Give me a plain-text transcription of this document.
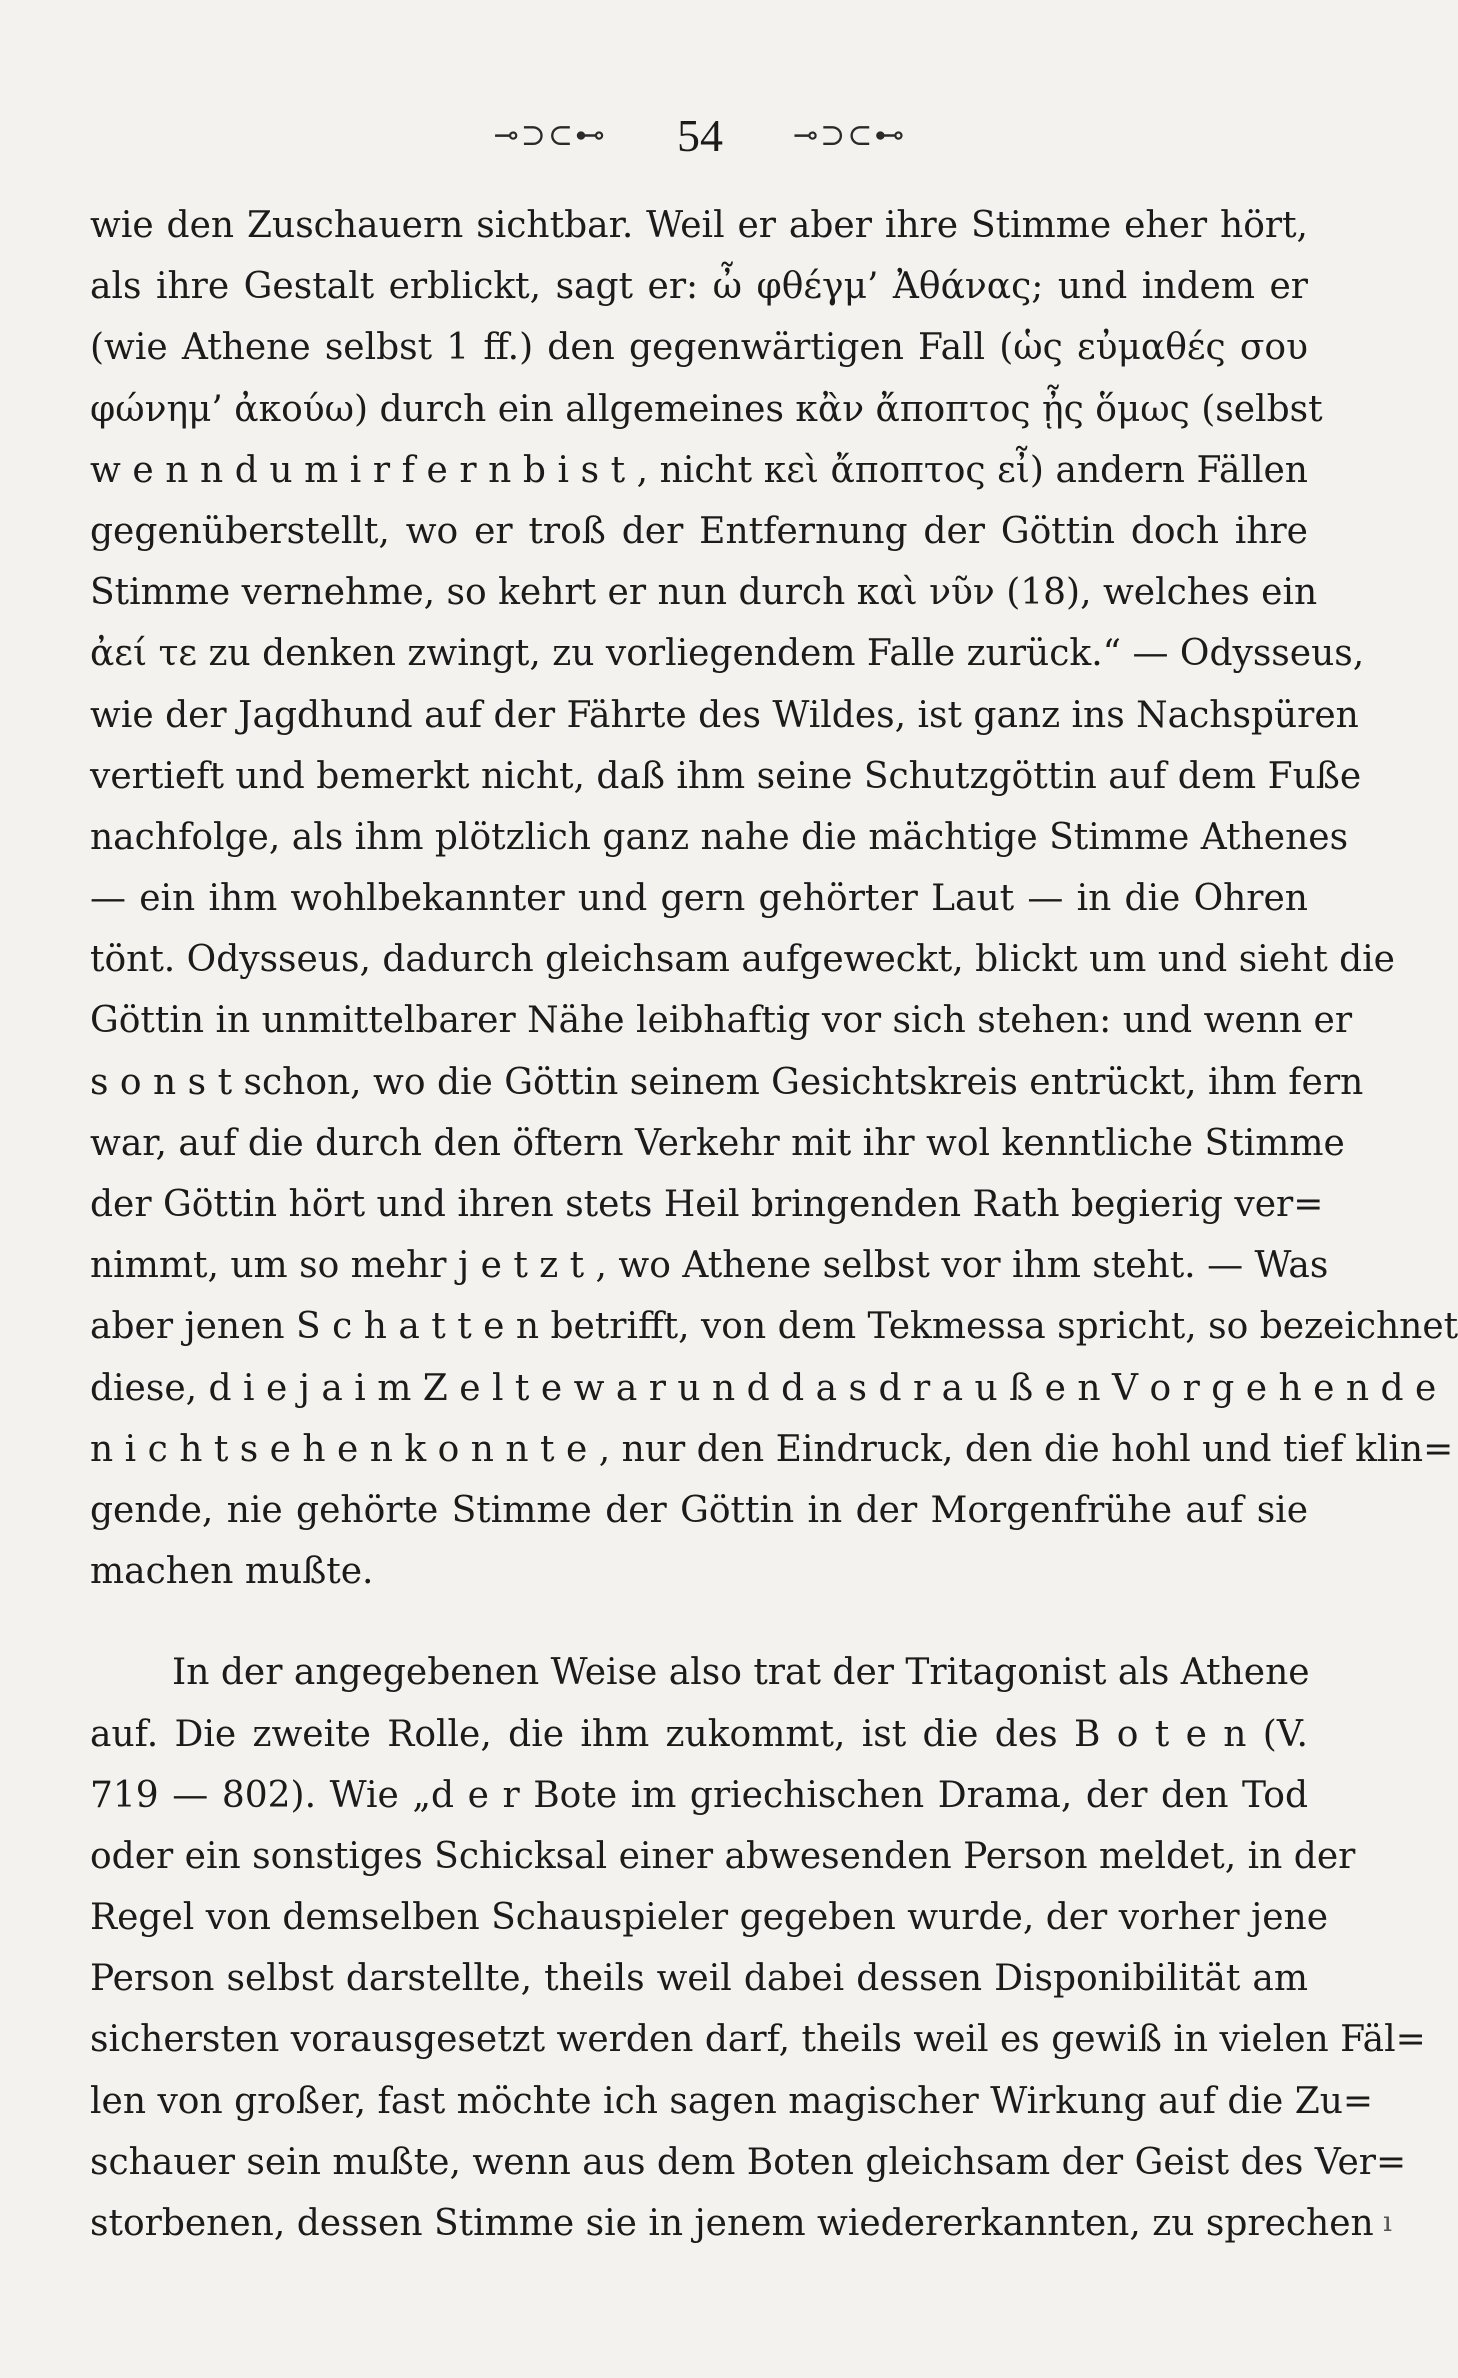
⊸⊃⊂⊷ 54 ⊸⊃⊂⊷
wie den Zuschauern sichtbar. Weil er aber ihre Stimme eher hört,
als ihre Gestalt erblickt, sagt er: ὦ φθέγμ’ Ἀθάνας; und indem er
(wie Athene selbst 1 ff.) den gegenwärtigen Fall (ὡς εὐμαθές σου
φώνημ’ ἀκούω) durch ein allgemeines κἂν ἄποπτος ᾖς ὅμως (selbst
w e n n d u m i r f e r n b i s t , nicht κεὶ ἄποπτος εἶ) andern Fällen
gegenüberstellt, wo er troß der Entfernung der Göttin doch ihre
Stimme vernehme, so kehrt er nun durch καὶ νῦν (18), welches ein
ἀεί τε zu denken zwingt, zu vorliegendem Falle zurück.“ — Odysseus,
wie der Jagdhund auf der Fährte des Wildes, ist ganz ins Nachspüren
vertieft und bemerkt nicht, daß ihm seine Schutzgöttin auf dem Fuße
nachfolge, als ihm plötzlich ganz nahe die mächtige Stimme Athenes
— ein ihm wohlbekannter und gern gehörter Laut — in die Ohren
tönt. Odysseus, dadurch gleichsam aufgeweckt, blickt um und sieht die
Göttin in unmittelbarer Nähe leibhaftig vor sich stehen: und wenn er
s o n s t schon, wo die Göttin seinem Gesichtskreis entrückt, ihm fern
war, auf die durch den öftern Verkehr mit ihr wol kenntliche Stimme
der Göttin hört und ihren stets Heil bringenden Rath begierig ver=
nimmt, um so mehr j e t z t , wo Athene selbst vor ihm steht. — Was
aber jenen S c h a t t e n betrifft, von dem Tekmessa spricht, so bezeichnet
diese, d i e j a i m Z e l t e w a r u n d d a s d r a u ß e n V o r g e h e n d e
n i c h t s e h e n k o n n t e , nur den Eindruck, den die hohl und tief klin=
gende, nie gehörte Stimme der Göttin in der Morgenfrühe auf sie
machen mußte.
In der angegebenen Weise also trat der Tritagonist als Athene
auf. Die zweite Rolle, die ihm zukommt, ist die des B o t e n (V.
719 — 802). Wie „d e r Bote im griechischen Drama, der den Tod
oder ein sonstiges Schicksal einer abwesenden Person meldet, in der
Regel von demselben Schauspieler gegeben wurde, der vorher jene
Person selbst darstellte, theils weil dabei dessen Disponibilität am
sichersten vorausgesetzt werden darf, theils weil es gewiß in vielen Fäl=
len von großer, fast möchte ich sagen magischer Wirkung auf die Zu=
schauer sein mußte, wenn aus dem Boten gleichsam der Geist des Ver=
storbenen, dessen Stimme sie in jenem wiedererkannten, zu sprechen ı
